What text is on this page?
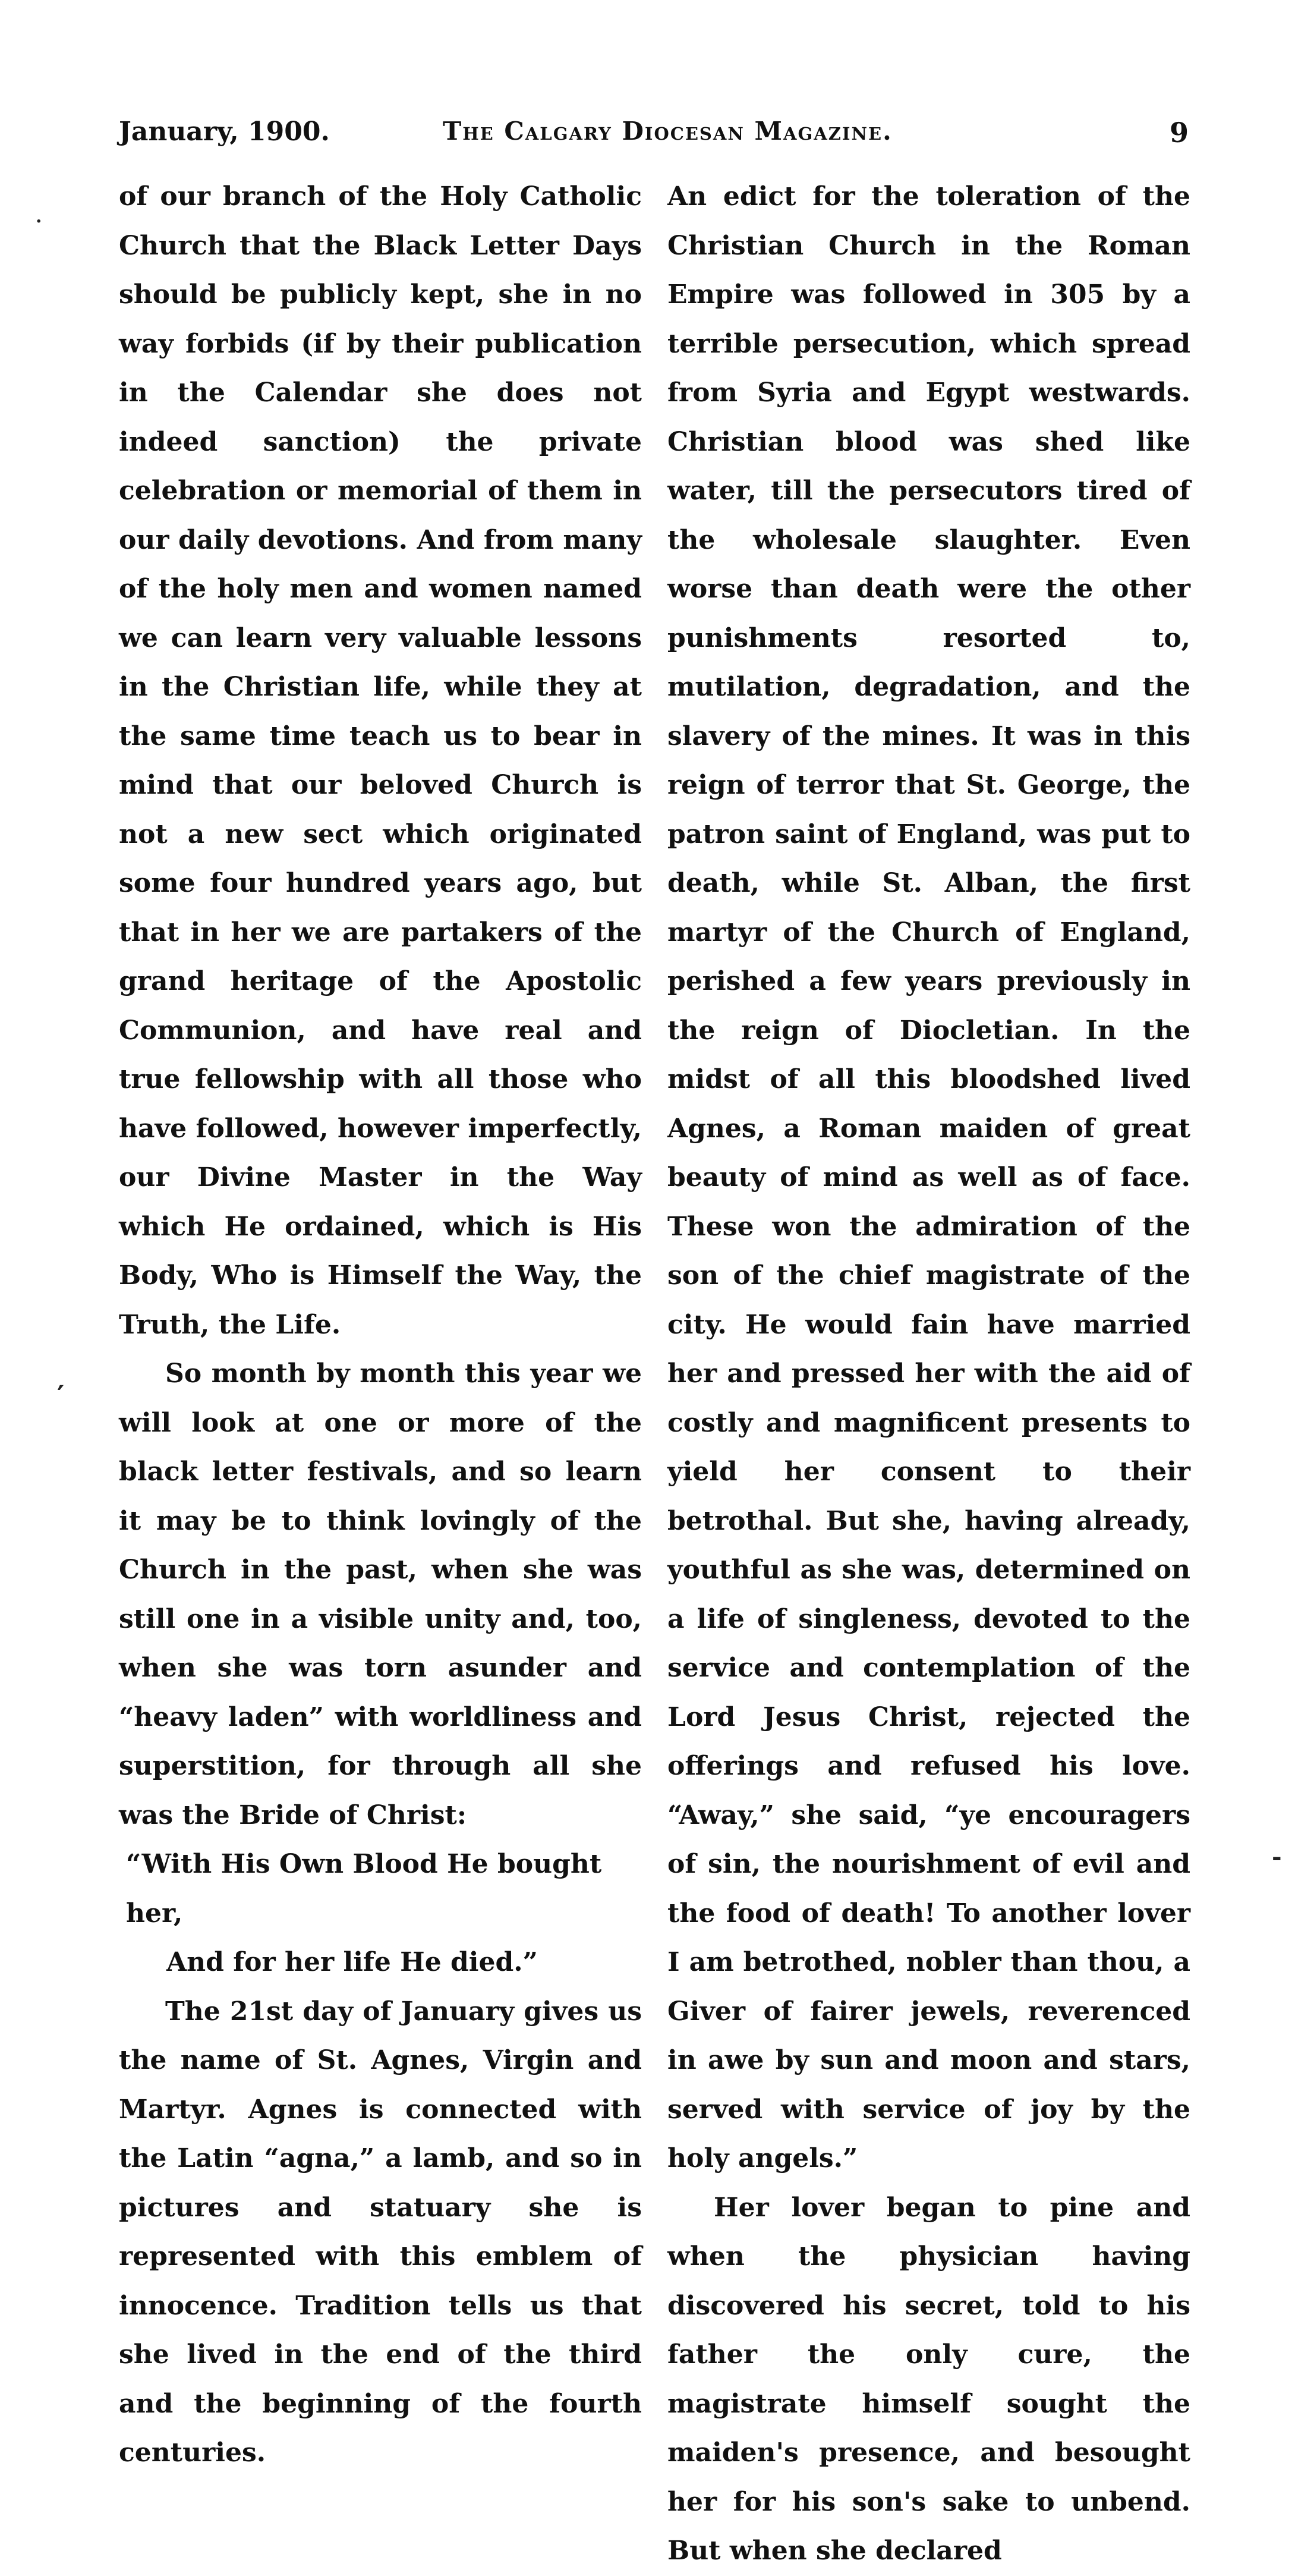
January, 1900.	The Calgary Diocesan Magazine.	9
·
′
-

of our branch of the Holy Catholic Church that the Black Letter Days should be publicly kept, she in no way forbids (if by their publication in the Calendar she does not indeed sanction) the private celebration or memorial of them in our daily devotions. And from many of the holy men and women named we can learn very valuable lessons in the Christian life, while they at the same time teach us to bear in mind that our beloved Church is not a new sect which originated some four hundred years ago, but that in her we are partakers of the grand heritage of the Apostolic Communion, and have real and true fellowship with all those who have followed, however imperfectly, our Divine Master in the Way which He ordained, which is His Body, Who is Himself the Way, the Truth, the Life.

So month by month this year we will look at one or more of the black letter festivals, and so learn it may be to think lovingly of the Church in the past, when she was still one in a visible unity and, too, when she was torn asunder and “heavy laden” with worldliness and superstition, for through all she was the Bride of Christ:

“With His Own Blood He bought her,

And for her life He died.”

The 21st day of January gives us the name of St. Agnes, Virgin and Martyr. Agnes is connected with the Latin “agna,” a lamb, and so in pictures and statuary she is represented with this emblem of innocence. Tradition tells us that she lived in the end of the third and the beginning of the fourth centuries.

An edict for the toleration of the Christian Church in the Roman Empire was followed in 305 by a terrible persecution, which spread from Syria and Egypt westwards. Christian blood was shed like water, till the persecutors tired of the wholesale slaughter. Even worse than death were the other punishments resorted to, mutilation, degradation, and the slavery of the mines. It was in this reign of terror that St. George, the patron saint of England, was put to death, while St. Alban, the first martyr of the Church of England, perished a few years previously in the reign of Diocletian. In the midst of all this bloodshed lived Agnes, a Roman maiden of great beauty of mind as well as of face. These won the admiration of the son of the chief magistrate of the city. He would fain have married her and pressed her with the aid of costly and magnificent presents to yield her consent to their betrothal. But she, having already, youthful as she was, determined on a life of singleness, devoted to the service and contemplation of the Lord Jesus Christ, rejected the offerings and refused his love. “Away,” she said, “ye encouragers of sin, the nourishment of evil and the food of death! To another lover I am betrothed, nobler than thou, a Giver of fairer jewels, reverenced in awe by sun and moon and stars, served with service of joy by the holy angels.”

Her lover began to pine and when the physician having discovered his secret, told to his father the only cure, the magistrate himself sought the maiden's presence, and besought her for his son's sake to unbend. But when she declared
